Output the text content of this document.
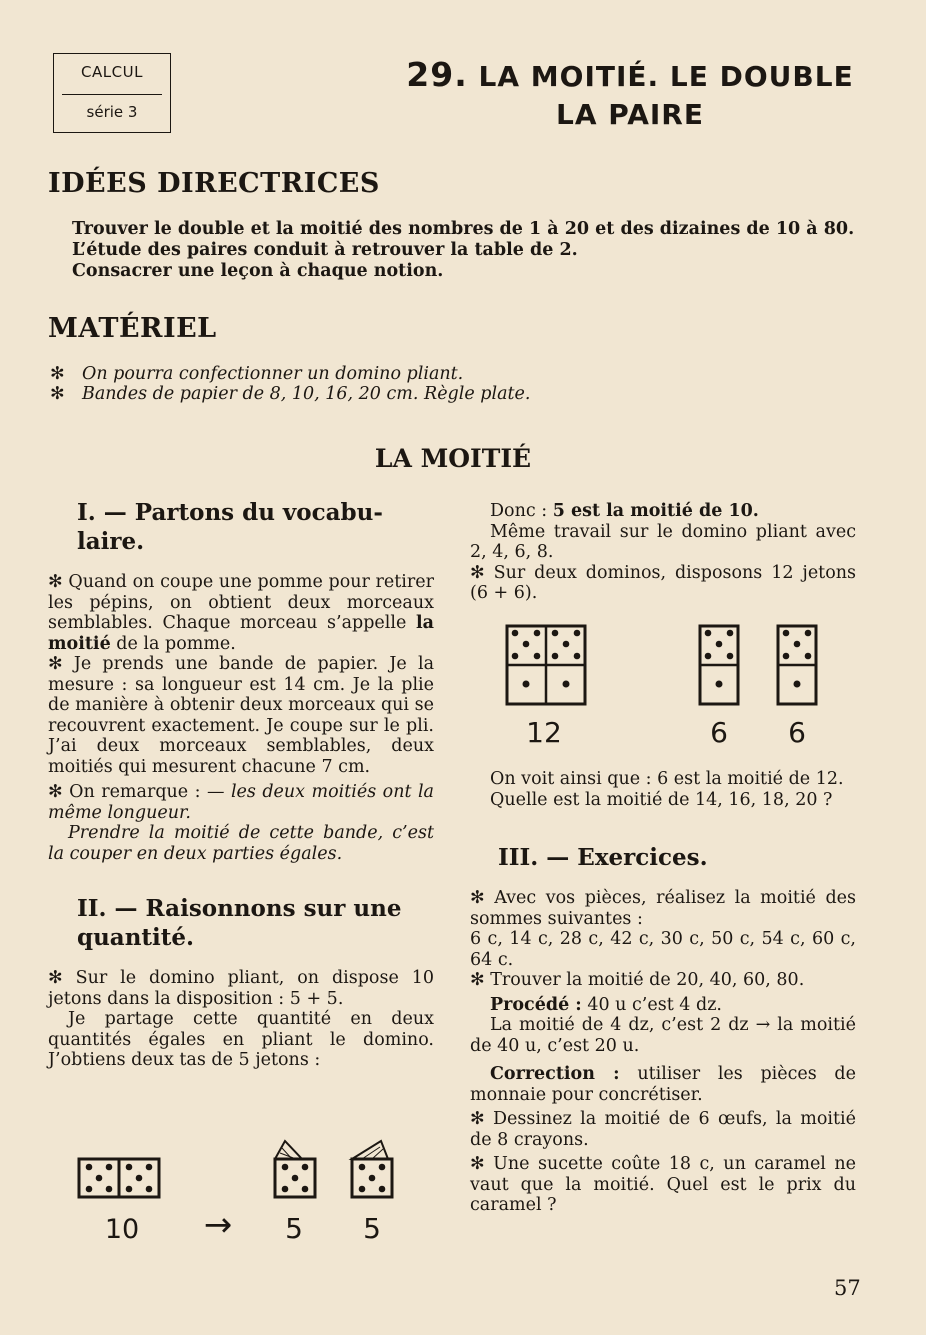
CALCUL
série 3
29. LA MOITIÉ. LE DOUBLE
LA PAIRE
IDÉES DIRECTRICES
Trouver le double et la moitié des nombres de 1 à 20 et des dizaines de 10 à 80.
L’étude des paires conduit à retrouver la table de 2.
Consacrer une leçon à chaque notion.
MATÉRIEL
✻ On pourra confectionner un domino pliant.
✻ Bandes de papier de 8, 10, 16, 20 cm. Règle plate.
LA MOITIÉ
I. — Partons du vocabu-
laire.

✻ Quand on coupe une pomme pour retirer les pépins, on obtient deux morceaux semblables. Chaque morceau s’appelle la moitié de la pomme.

✻ Je prends une bande de papier. Je la mesure : sa longueur est 14 cm. Je la plie de manière à obtenir deux morceaux qui se recouvrent exactement. Je coupe sur le pli. J’ai deux morceaux semblables, deux moitiés qui mesurent chacune 7 cm.

✻ On remarque : — les deux moitiés ont la même longueur.

Prendre la moitié de cette bande, c’est la couper en deux parties égales.

II. — Raisonnons sur une
quantité.

✻ Sur le domino pliant, on dispose 10 jetons dans la disposition : 5 + 5.

Je partage cette quantité en deux quantités égales en pliant le domino. J’obtiens deux tas de 5 jetons :

10 → 5 5

Donc : 5 est la moitié de 10.

Même travail sur le domino pliant avec 2, 4, 6, 8.

✻ Sur deux dominos, disposons 12 jetons (6 + 6).

12	6 6

On voit ainsi que : 6 est la moitié de 12.

Quelle est la moitié de 14, 16, 18, 20 ?

III. — Exercices.

✻ Avec vos pièces, réalisez la moitié des sommes suivantes :

6 c, 14 c, 28 c, 42 c, 30 c, 50 c, 54 c, 60 c, 64 c.

✻ Trouver la moitié de 20, 40, 60, 80.

Procédé : 40 u c’est 4 dz.

La moitié de 4 dz, c’est 2 dz → la moitié de 40 u, c’est 20 u.

Correction : utiliser les pièces de monnaie pour concrétiser.

✻ Dessinez la moitié de 6 œufs, la moitié de 8 crayons.

✻ Une sucette coûte 18 c, un caramel ne vaut que la moitié. Quel est le prix du caramel ?

57
